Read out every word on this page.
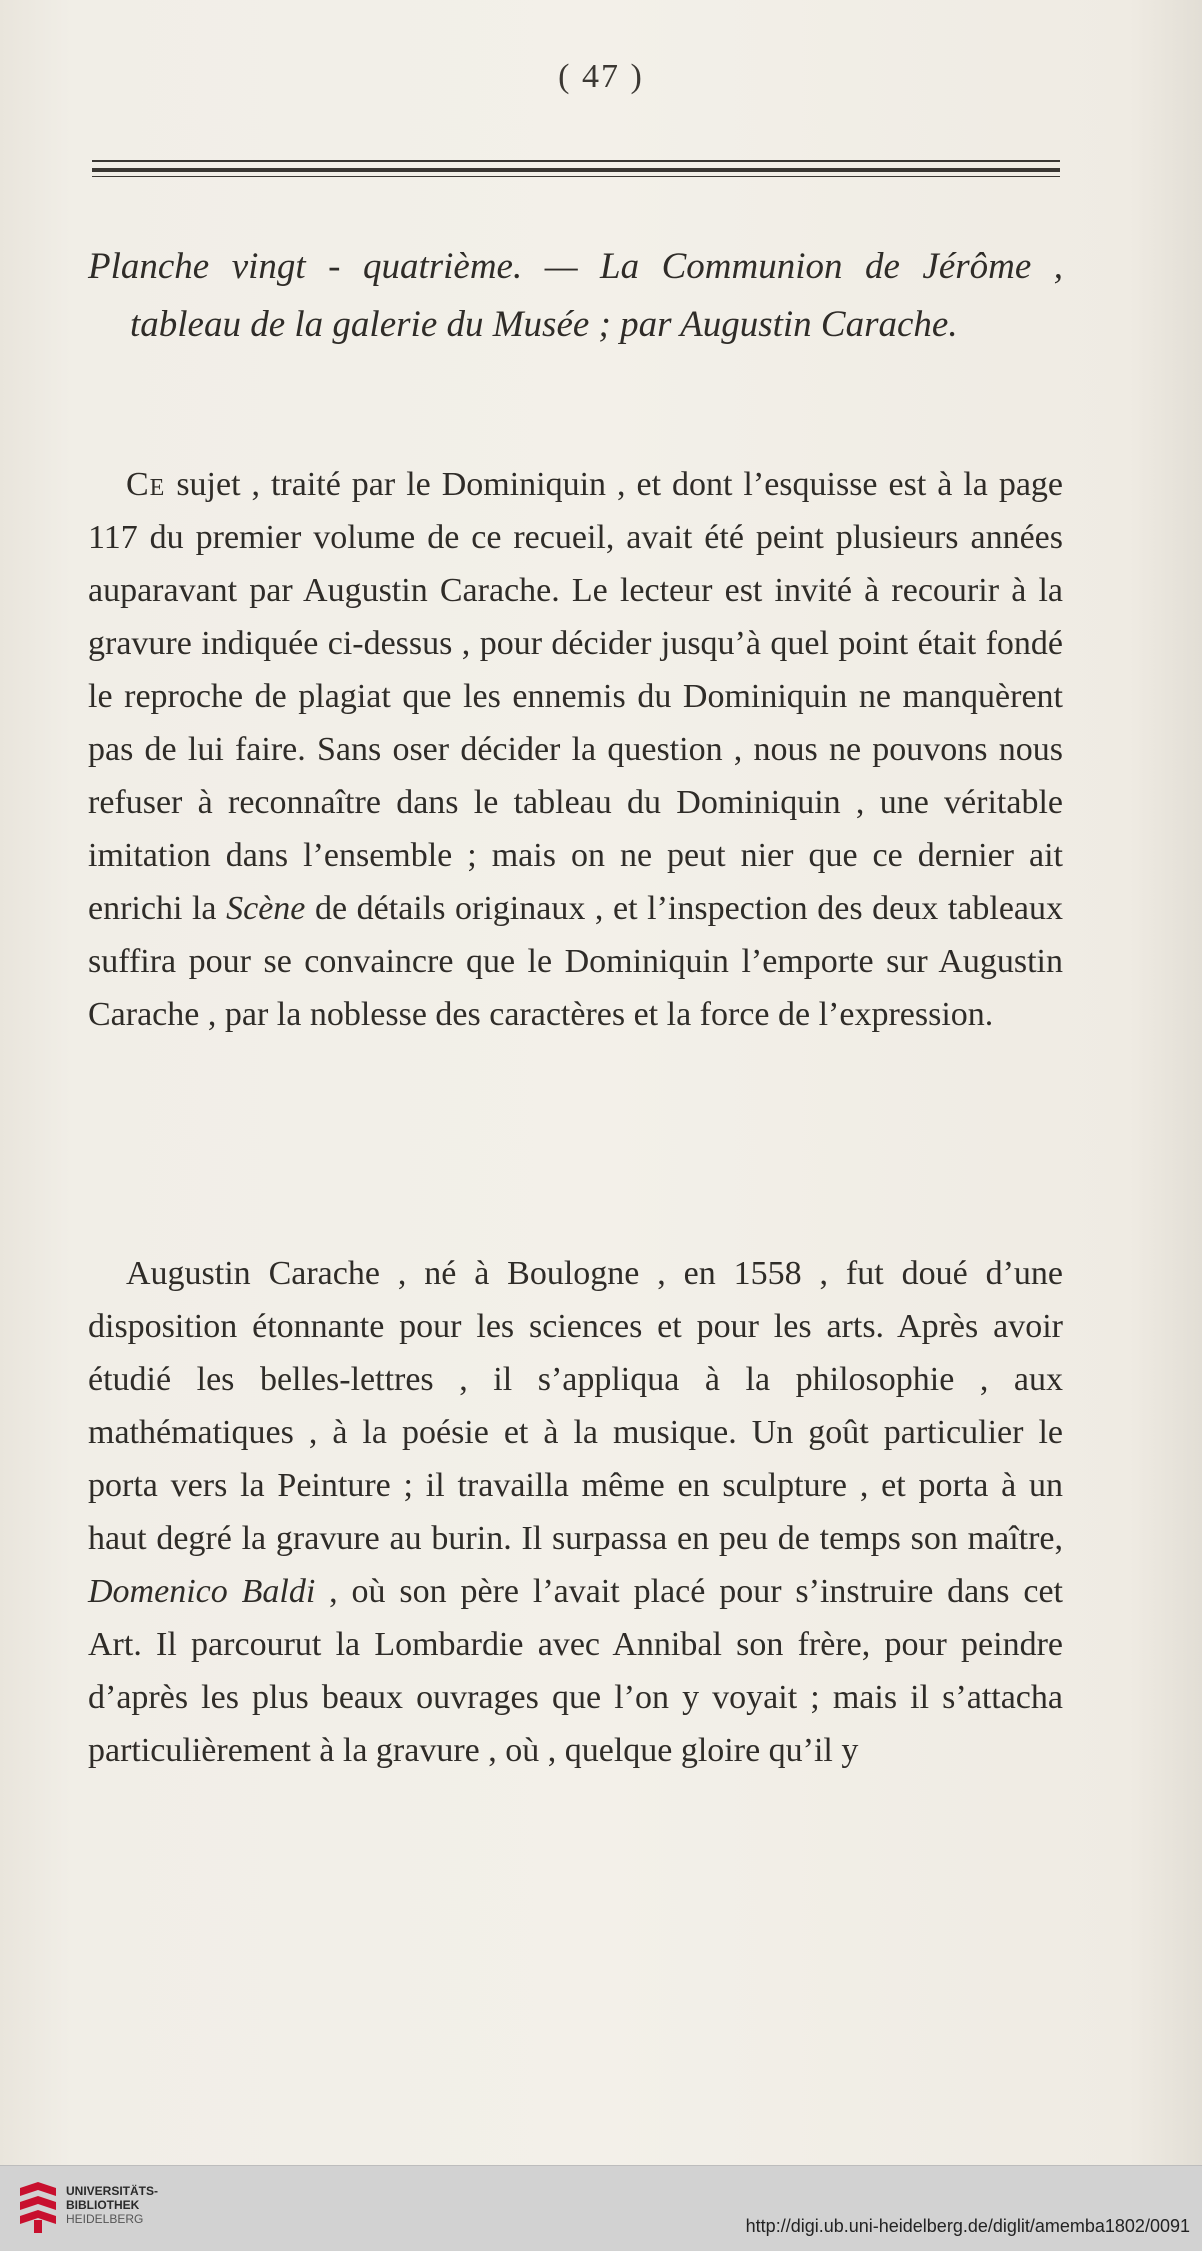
( 47 )
Planche vingt - quatrième. — La Communion de Jérôme , tableau de la galerie du Musée ; par Augustin Carache.
Ce sujet , traité par le Dominiquin , et dont l’esquisse est à la page 117 du premier volume de ce recueil, avait été peint plusieurs années auparavant par Augustin Carache. Le lecteur est invité à recourir à la gravure indiquée ci-dessus , pour décider jusqu’à quel point était fondé le reproche de plagiat que les ennemis du Dominiquin ne manquèrent pas de lui faire. Sans oser décider la question , nous ne pouvons nous refuser à reconnaître dans le tableau du Dominiquin , une véritable imitation dans l’ensemble ; mais on ne peut nier que ce dernier ait enrichi la Scène de détails originaux , et l’inspection des deux tableaux suffira pour se convaincre que le Dominiquin l’emporte sur Augustin Carache , par la noblesse des caractères et la force de l’expression.
Augustin Carache , né à Boulogne , en 1558 , fut doué d’une disposition étonnante pour les sciences et pour les arts. Après avoir étudié les belles-lettres , il s’appliqua à la philosophie , aux mathématiques , à la poésie et à la musique. Un goût particulier le porta vers la Peinture ; il travailla même en sculpture , et porta à un haut degré la gravure au burin. Il surpassa en peu de temps son maître, Domenico Baldi , où son père l’avait placé pour s’instruire dans cet Art. Il parcourut la Lombardie avec Annibal son frère, pour peindre d’après les plus beaux ouvrages que l’on y voyait ; mais il s’attacha particulièrement à la gravure , où , quelque gloire qu’il y
UNIVERSITÄTS-
BIBLIOTHEK
HEIDELBERG	http://digi.ub.uni-heidelberg.de/diglit/amemba1802/0091
